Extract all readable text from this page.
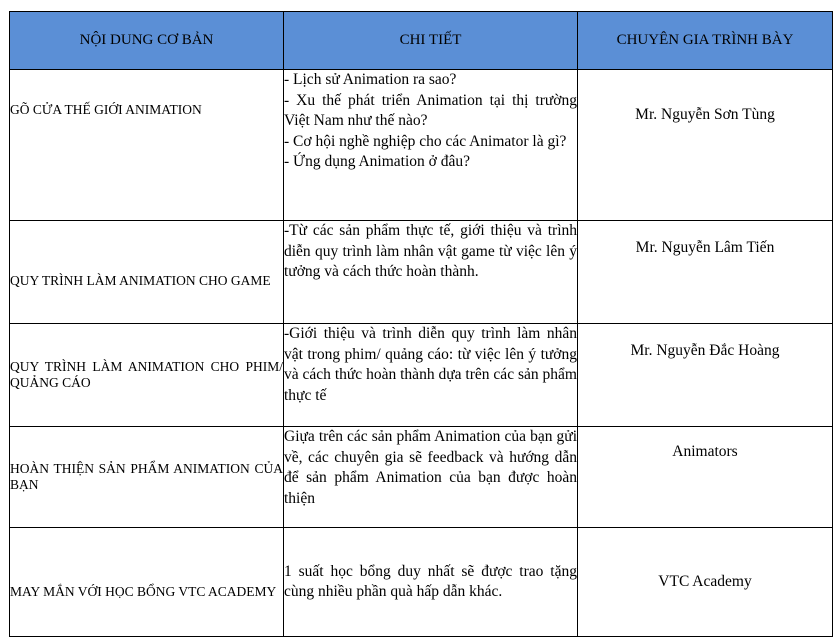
NỘI DUNG CƠ BẢN	CHI TIẾT	CHUYÊN GIA TRÌNH BÀY

GÕ CỬA THẾ GIỚI ANIMATION	- Lịch sử Animation ra sao?
- Xu thế phát triển Animation tại thị trường Việt Nam như thế nào?
- Cơ hội nghề nghiệp cho các Animator là gì?
- Ứng dụng Animation ở đâu?	Mr. Nguyễn Sơn Tùng

QUY TRÌNH LÀM ANIMATION CHO GAME	-Từ các sản phẩm thực tế, giới thiệu và trình diễn quy trình làm nhân vật game từ việc lên ý tưởng và cách thức hoàn thành.	Mr. Nguyễn Lâm Tiến

QUY TRÌNH LÀM ANIMATION CHO PHIM/ QUẢNG CÁO	-Giới thiệu và trình diễn quy trình làm nhân vật trong phim/ quảng cáo: từ việc lên ý tưởng và cách thức hoàn thành dựa trên các sản phẩm thực tế	Mr. Nguyễn Đắc Hoàng

HOÀN THIỆN SẢN PHẨM ANIMATION CỦA BẠN	Giựa trên các sản phẩm Animation của bạn gửi về, các chuyên gia sẽ feedback và hướng dẫn để sản phẩm Animation của bạn được hoàn thiện	Animators

MAY MẮN VỚI HỌC BỔNG VTC ACADEMY	1 suất học bổng duy nhất sẽ được trao tặng cùng nhiều phần quà hấp dẫn khác.	VTC Academy
